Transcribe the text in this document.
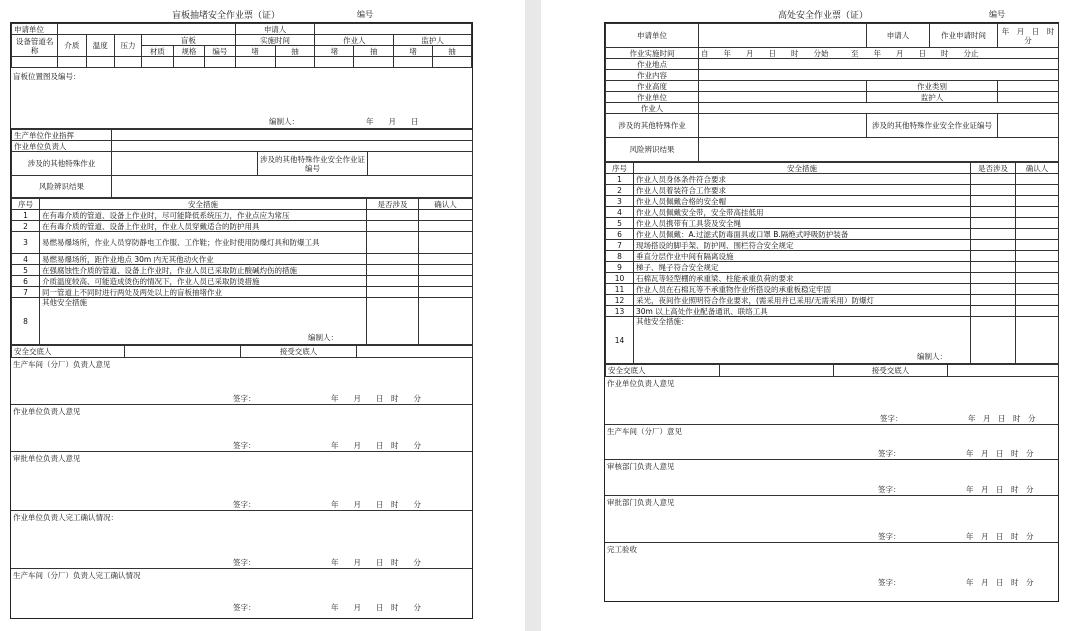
盲板抽堵安全作业票（证）	编号
申请单位							申请人					
设备管道名称	介质	温度	压力	盲板			实施时间		作业人		监护人	
				材质	规格	编号	堵	抽	堵	抽	堵	抽

盲板位置图及编号：
编制人：	年　　月　　日
生产单位作业指挥			
作业单位负责人			
涉及的其他特殊作业		涉及的其他特殊作业安全作业证编号	
风险辨识结果			
序号	安全措施	是否涉及	确认人
1	在有毒介质的管道、设备上作业时，尽可能降低系统压力，作业点应为常压		
2	在有毒介质的管道、设备上作业时，作业人员穿戴适合的防护用具		
3	易燃易爆场所，作业人员穿防静电工作服、工作鞋；作业时使用防爆灯具和防爆工具		
4	易燃易爆场所，距作业地点 30m 内无其他动火作业		
5	在强腐蚀性介质的管道、设备上作业时，作业人员已采取防止酸碱灼伤的措施		
6	介质温度较高、可能造成烫伤的情况下，作业人员已采取防烫措施		
7	同一管道上不同时进行两处及两处以上的盲板抽堵作业		
8	其他安全措施
编制人：		

安全交底人		接受交底人	
生产车间（分厂）负责人意见
签字：	年　　月　　日　时　　分
作业单位负责人意见
签字：	年　　月　　日　时　　分
审批单位负责人意见
签字：	年　　月　　日　时　　分
作业单位负责人完工确认情况：
签字：	年　　月　　日　时　　分
生产车间（分厂）负责人完工确认情况
签字：	年　　月　　日　时　　分
高处安全作业票（证）	编号
申请单位		申请人	作业申请时间	年　月　日　时　分
作业实施时间	自　　年　　月　　日　　时　　分始　　　至　　年　　月　　日　　时　　分止			
作业地点				
作业内容				
作业高度		作业类别		
作业单位		监护人		
作业人				
涉及的其他特殊作业		涉及的其他特殊作业安全作业证编号		
风险辨识结果				
序号	安全措施	是否涉及	确认人
1	作业人员身体条件符合要求		
2	作业人员着装符合工作要求		
3	作业人员佩戴合格的安全帽		
4	作业人员佩戴安全带，安全带高挂低用		
5	作业人员携带有工具袋及安全绳		
6	作业人员佩戴：A.过滤式防毒面具或口罩 B.隔绝式呼吸防护装备		
7	现场搭设的脚手架、防护网、围栏符合安全规定		
8	垂直分层作业中间有隔离设施		
9	梯子、绳子符合安全规定		
10	石棉瓦等轻型棚的承重梁、柱能承重负荷的要求		
11	作业人员在石棉瓦等不承重物作业所搭设的承重板稳定牢固		
12	采光，夜间作业照明符合作业要求，(需采用并已采用/无需采用）防爆灯		
13	30m 以上高处作业配备通讯、联络工具		
14	其他安全措施：
编制人：		

安全交底人		接受交底人	
作业单位负责人意见
签字：	年　月　日　时　分
生产车间（分厂）意见
签字：	年　月　日　时　分
审核部门负责人意见
签字：	年　月　日　时　分
审批部门负责人意见
签字：	年　月　日　时　分
完工验收
签字：	年　月　日　时　分
